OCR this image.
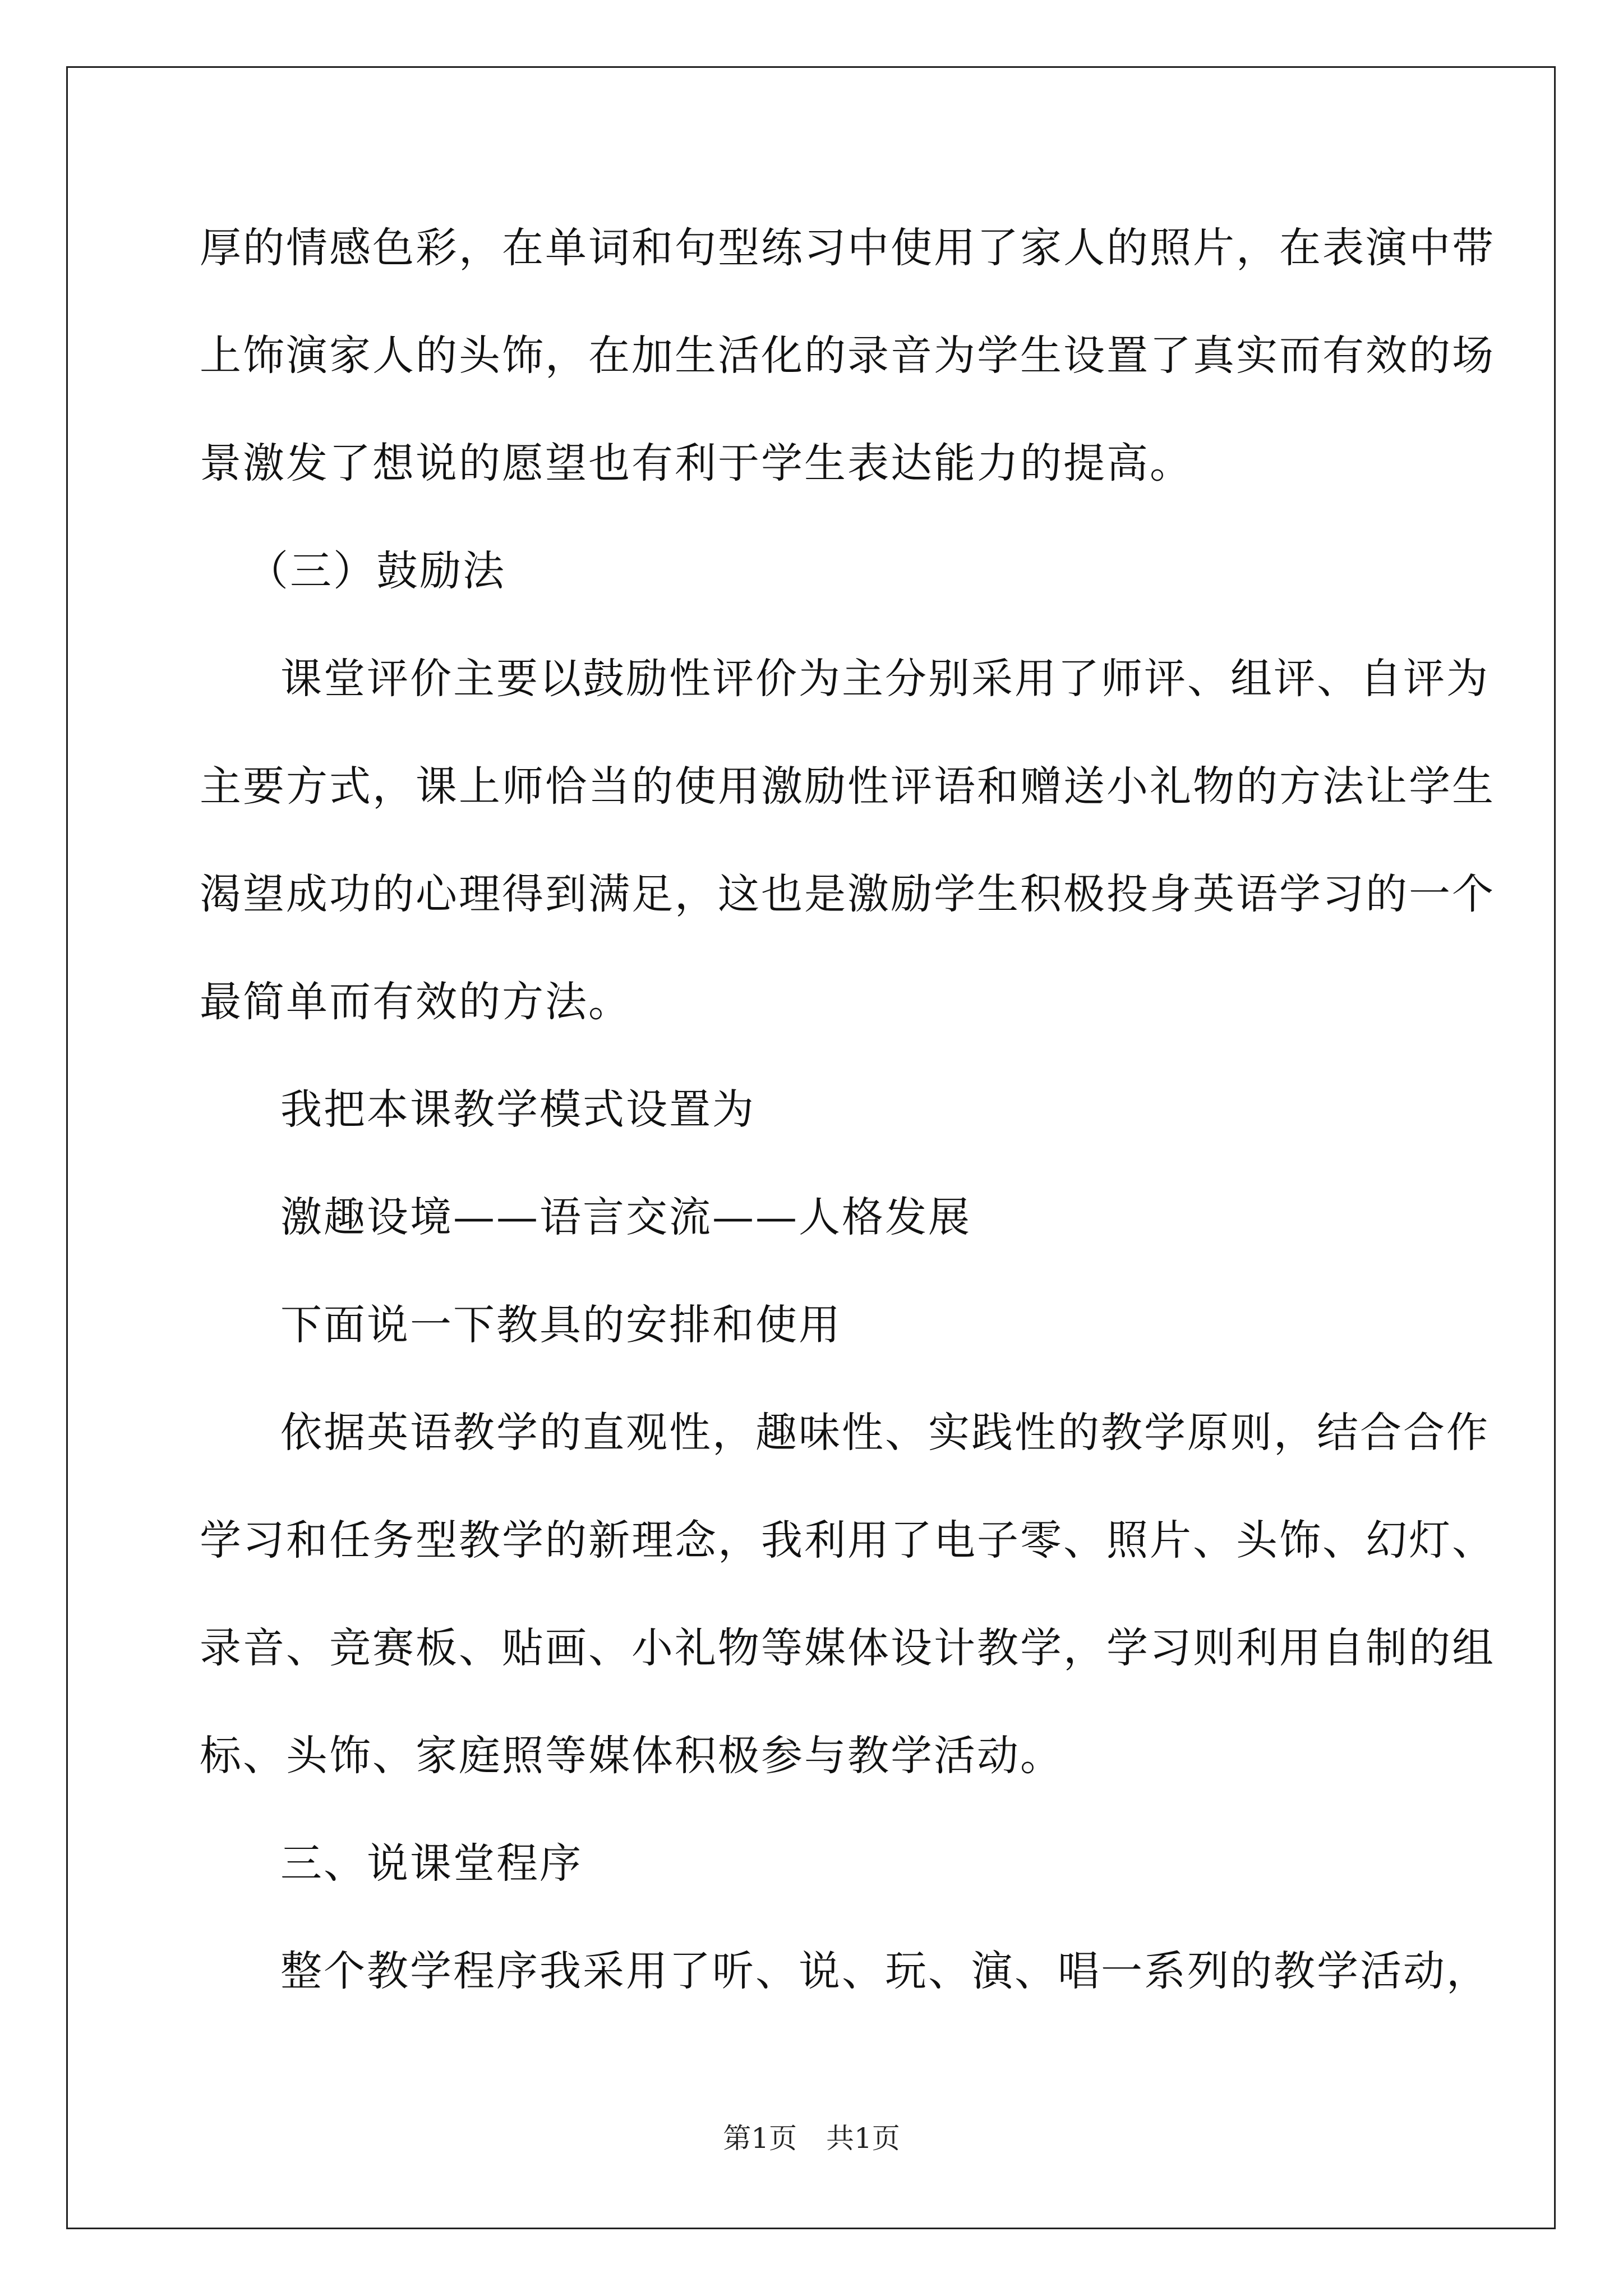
厚的情感色彩，在单词和句型练习中使用了家人的照片，在表演中带
上饰演家人的头饰，在加生活化的录音为学生设置了真实而有效的场
景激发了想说的愿望也有利于学生表达能力的提高。
（三）鼓励法
课堂评价主要以鼓励性评价为主分别采用了师评、组评、自评为
主要方式，课上师恰当的使用激励性评语和赠送小礼物的方法让学生
渴望成功的心理得到满足，这也是激励学生积极投身英语学习的一个
最简单而有效的方法。
我把本课教学模式设置为
激趣设境——语言交流——人格发展
下面说一下教具的安排和使用
依据英语教学的直观性，趣味性、实践性的教学原则，结合合作
学习和任务型教学的新理念，我利用了电子零、照片、头饰、幻灯、
录音、竞赛板、贴画、小礼物等媒体设计教学，学习则利用自制的组
标、头饰、家庭照等媒体积极参与教学活动。
三、说课堂程序
整个教学程序我采用了听、说、玩、演、唱一系列的教学活动，
第1页 共1页
